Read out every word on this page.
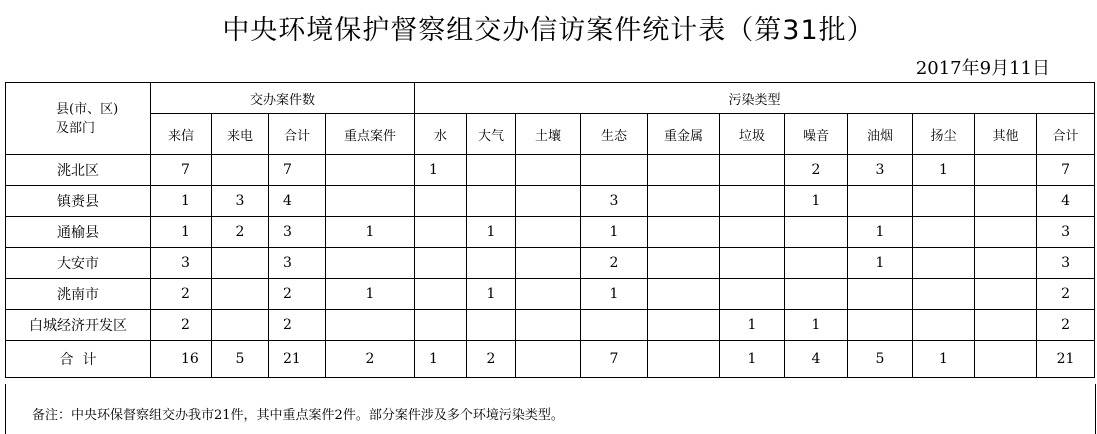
中央环境保护督察组交办信访案件统计表（第31批）
2017年9月11日
县(市、区)
及部门	交办案件数				污染类型										
	来信	来电	合计	重点案件	水	大气	土壤	生态	重金属	垃圾	噪音	油烟	扬尘	其他	合计
洮北区	7		7		1						2	3	1		7
镇赉县	1	3	4					3			1				4
通榆县	1	2	3	1		1		1				1			3
大安市	3		3					2				1			3
洮南市	2		2	1		1		1							2
白城经济开发区	2		2							1	1				2
合  计	16	5	21	2	1	2		7		1	4	5	1		21
备注：中央环保督察组交办我市21件，其中重点案件2件。部分案件涉及多个环境污染类型。
